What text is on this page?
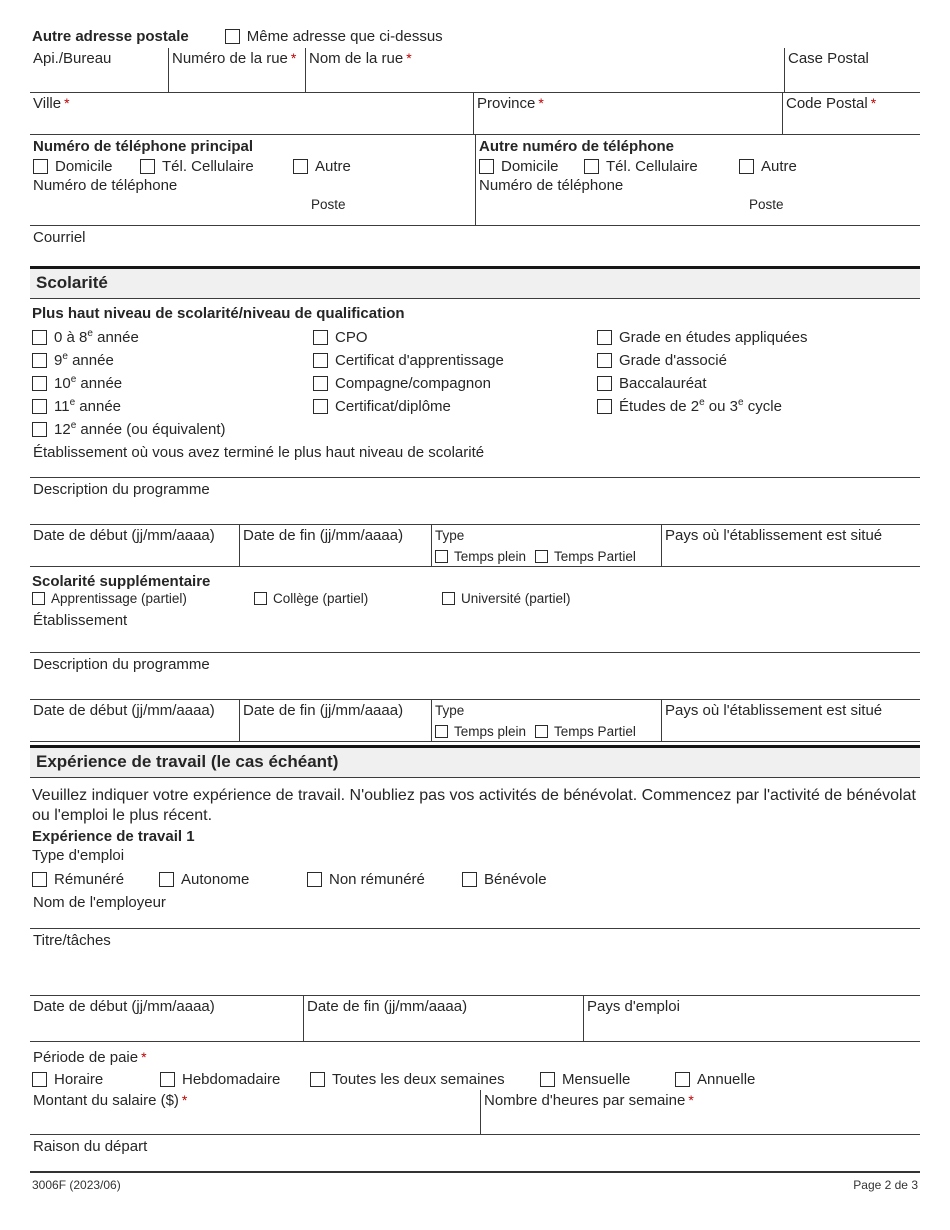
Autre adresse postale	Même adresse que ci-dessus
Api./Bureau	Numéro de la rue * Nom de la rue *	Case Postal
Ville *	Province *	Code Postal *
Numéro de téléphone principal
Domicile	Tél. Cellulaire	Autre
Numéro de téléphone
Poste
Autre numéro de téléphone
Domicile	Tél. Cellulaire	Autre
Numéro de téléphone
Poste
Courriel
Scolarité
Plus haut niveau de scolarité/niveau de qualification
0 à 8e année
9e année
10e année
11e année
12e année (ou équivalent)
CPO
Certificat d'apprentissage
Compagne/compagnon
Certificat/diplôme
Grade en études appliquées
Grade d'associé
Baccalauréat
Études de 2e ou 3e cycle
Établissement où vous avez terminé le plus haut niveau de scolarité
Description du programme
Date de début (jj/mm/aaaa)	Date de fin (jj/mm/aaaa)	Type
Temps plein Temps Partiel
Pays où l'établissement est situé
Scolarité supplémentaire
Apprentissage (partiel)	Collège (partiel)	Université (partiel)
Établissement
Description du programme
Date de début (jj/mm/aaaa)	Date de fin (jj/mm/aaaa)	Type
Temps plein Temps Partiel
Pays où l'établissement est situé
Expérience de travail (le cas échéant)

Veuillez indiquer votre expérience de travail. N'oubliez pas vos activités de bénévolat. Commencez par l'activité de bénévolat ou l'emploi le plus récent.

Expérience de travail 1
Type d'emploi
Rémunéré	Autonome	Non rémunéré	Bénévole
Nom de l'employeur
Titre/tâches
Date de début (jj/mm/aaaa)	Date de fin (jj/mm/aaaa)	Pays d'emploi
Période de paie *
Horaire	Hebdomadaire	Toutes les deux semaines	Mensuelle	Annuelle
Montant du salaire ($) *	Nombre d'heures par semaine *
Raison du départ
3006F (2023/06)	Page 2 de 3
